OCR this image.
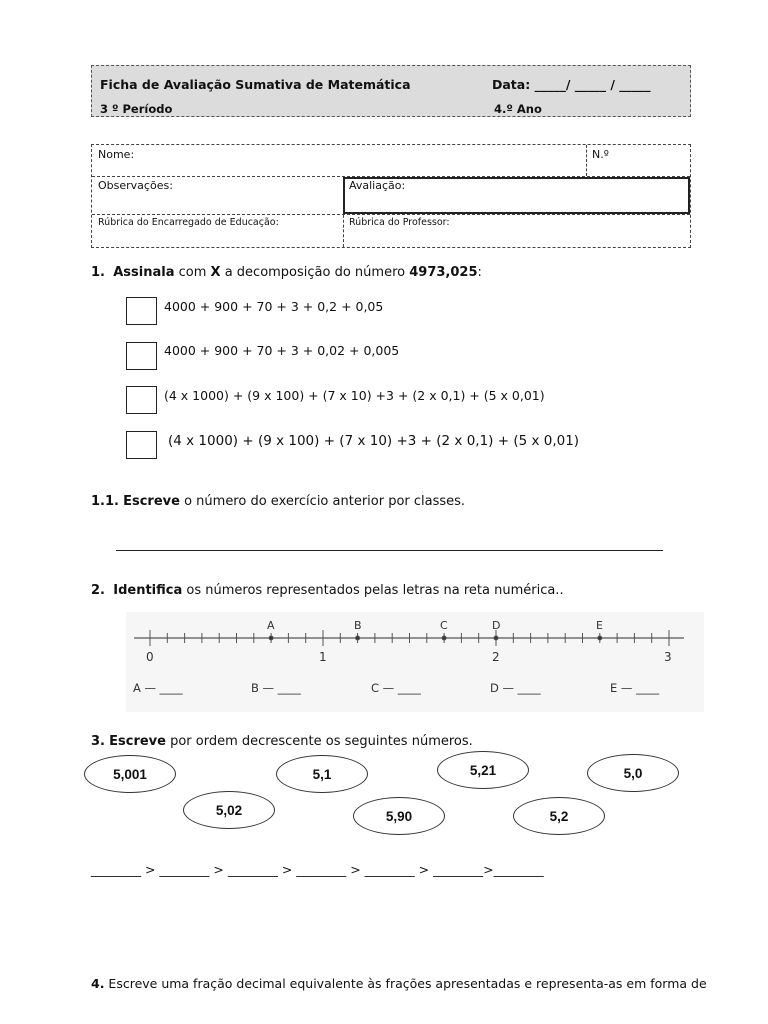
Ficha de Avaliação Sumativa de Matemática	Data: _____/ _____ / _____
3 º Período	4.º Ano
Nome:	N.º
Observações:	Avaliação:
Rúbrica do Encarregado de Educação:	Rúbrica do Professor:
1. Assinala com X a decomposição do número 4973,025:
4000 + 900 + 70 + 3 + 0,2 + 0,05
4000 + 900 + 70 + 3 + 0,02 + 0,005
(4 x 1000) + (9 x 100) + (7 x 10) +3 + (2 x 0,1) + (5 x 0,01)
(4 x 1000) + (9 x 100) + (7 x 10) +3 + (2 x 0,1) + (5 x 0,01)
1.1. Escreve o número do exercício anterior por classes.
2. Identifica os números representados pelas letras na reta numérica..
0	1	2	3
A	B	C	D	E
A — ____	B — ____	C — ____	D — ____	E — ____
3. Escreve por ordem decrescente os seguintes números.
5,001	5,1	5,21	5,0
5,02	5,90	5,2
________ > ________ > ________ > ________ > ________ > ________>________
4. Escreve uma fração decimal equivalente às frações apresentadas e representa-as em forma de
